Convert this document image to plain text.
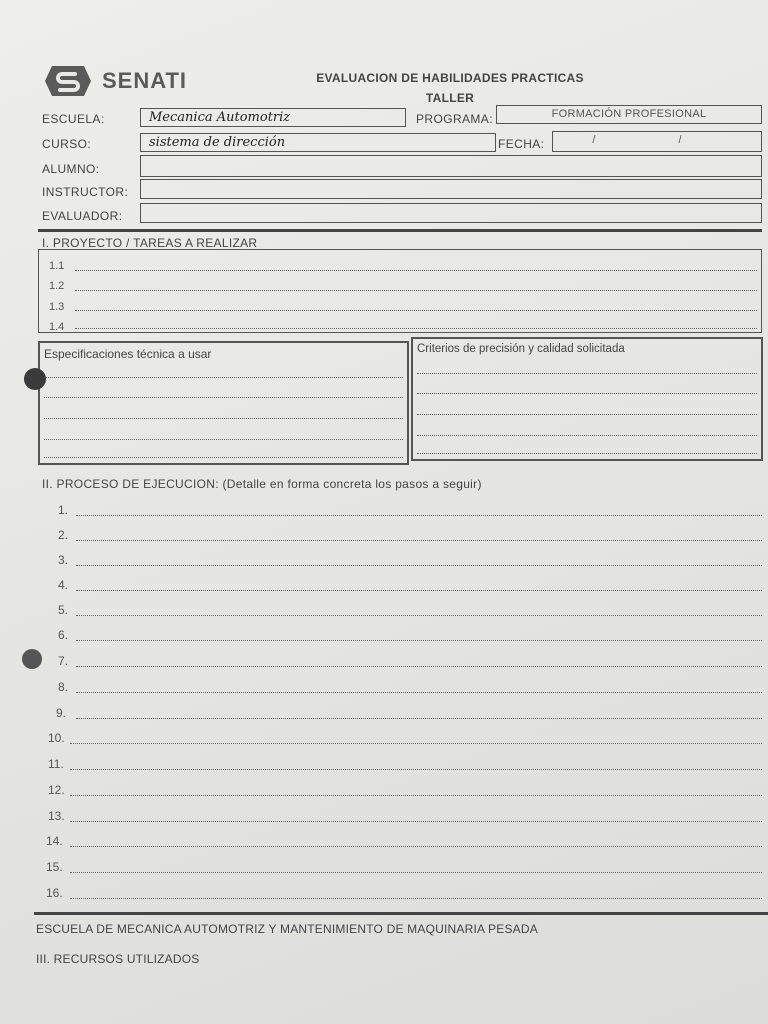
SENATI	EVALUACION DE HABILIDADES PRACTICAS
TALLER
ESCUELA:	Mecanica Automotriz	PROGRAMA:	FORMACIÓN PROFESIONAL
CURSO:	sistema de dirección	FECHA:	/ /
ALUMNO:
INSTRUCTOR:
EVALUADOR:
I. PROYECTO / TAREAS A REALIZAR
1.1
1.2
1.3
1.4
Especificaciones técnica a usar	Criterios de precisión y calidad solicitada
II. PROCESO DE EJECUCION: (Detalle en forma concreta los pasos a seguir)
1.
2.
3.
4.
5.
6.
7.
8.
9.
10.
11.
12.
13.
14.
15.
16.
ESCUELA DE MECANICA AUTOMOTRIZ Y MANTENIMIENTO DE MAQUINARIA PESADA
III. RECURSOS UTILIZADOS
